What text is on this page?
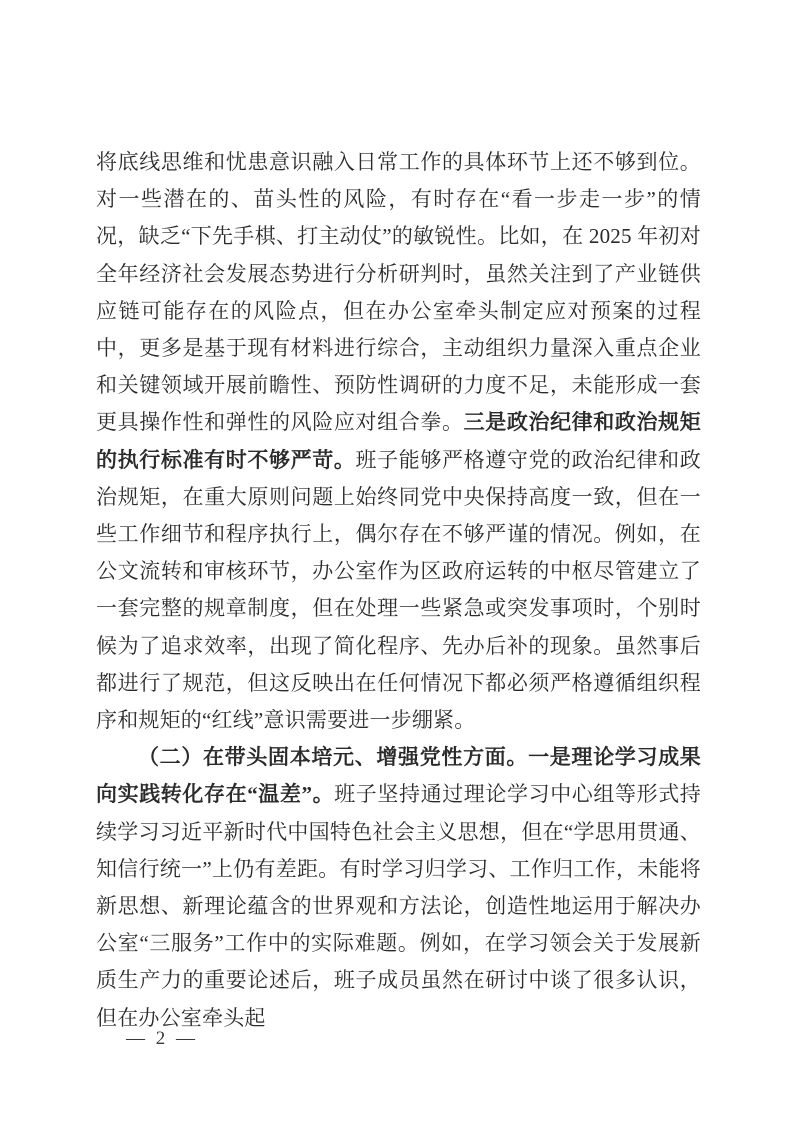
将底线思维和忧患意识融入日常工作的具体环节上还不够到位。对一些潜在的、苗头性的风险，有时存在“看一步走一步”的情况，缺乏“下先手棋、打主动仗”的敏锐性。比如，在 2025 年初对全年经济社会发展态势进行分析研判时，虽然关注到了产业链供应链可能存在的风险点，但在办公室牵头制定应对预案的过程中，更多是基于现有材料进行综合，主动组织力量深入重点企业和关键领域开展前瞻性、预防性调研的力度不足，未能形成一套更具操作性和弹性的风险应对组合拳。三是政治纪律和政治规矩的执行标准有时不够严苛。班子能够严格遵守党的政治纪律和政治规矩，在重大原则问题上始终同党中央保持高度一致，但在一些工作细节和程序执行上，偶尔存在不够严谨的情况。例如，在公文流转和审核环节，办公室作为区政府运转的中枢尽管建立了一套完整的规章制度，但在处理一些紧急或突发事项时，个别时候为了追求效率，出现了简化程序、先办后补的现象。虽然事后都进行了规范，但这反映出在任何情况下都必须严格遵循组织程序和规矩的“红线”意识需要进一步绷紧。

（二）在带头固本培元、增强党性方面。一是理论学习成果向实践转化存在“温差”。班子坚持通过理论学习中心组等形式持续学习习近平新时代中国特色社会主义思想，但在“学思用贯通、知信行统一”上仍有差距。有时学习归学习、工作归工作，未能将新思想、新理论蕴含的世界观和方法论，创造性地运用于解决办公室“三服务”工作中的实际难题。例如，在学习领会关于发展新质生产力的重要论述后，班子成员虽然在研讨中谈了很多认识，但在办公室牵头起

— 2 —
